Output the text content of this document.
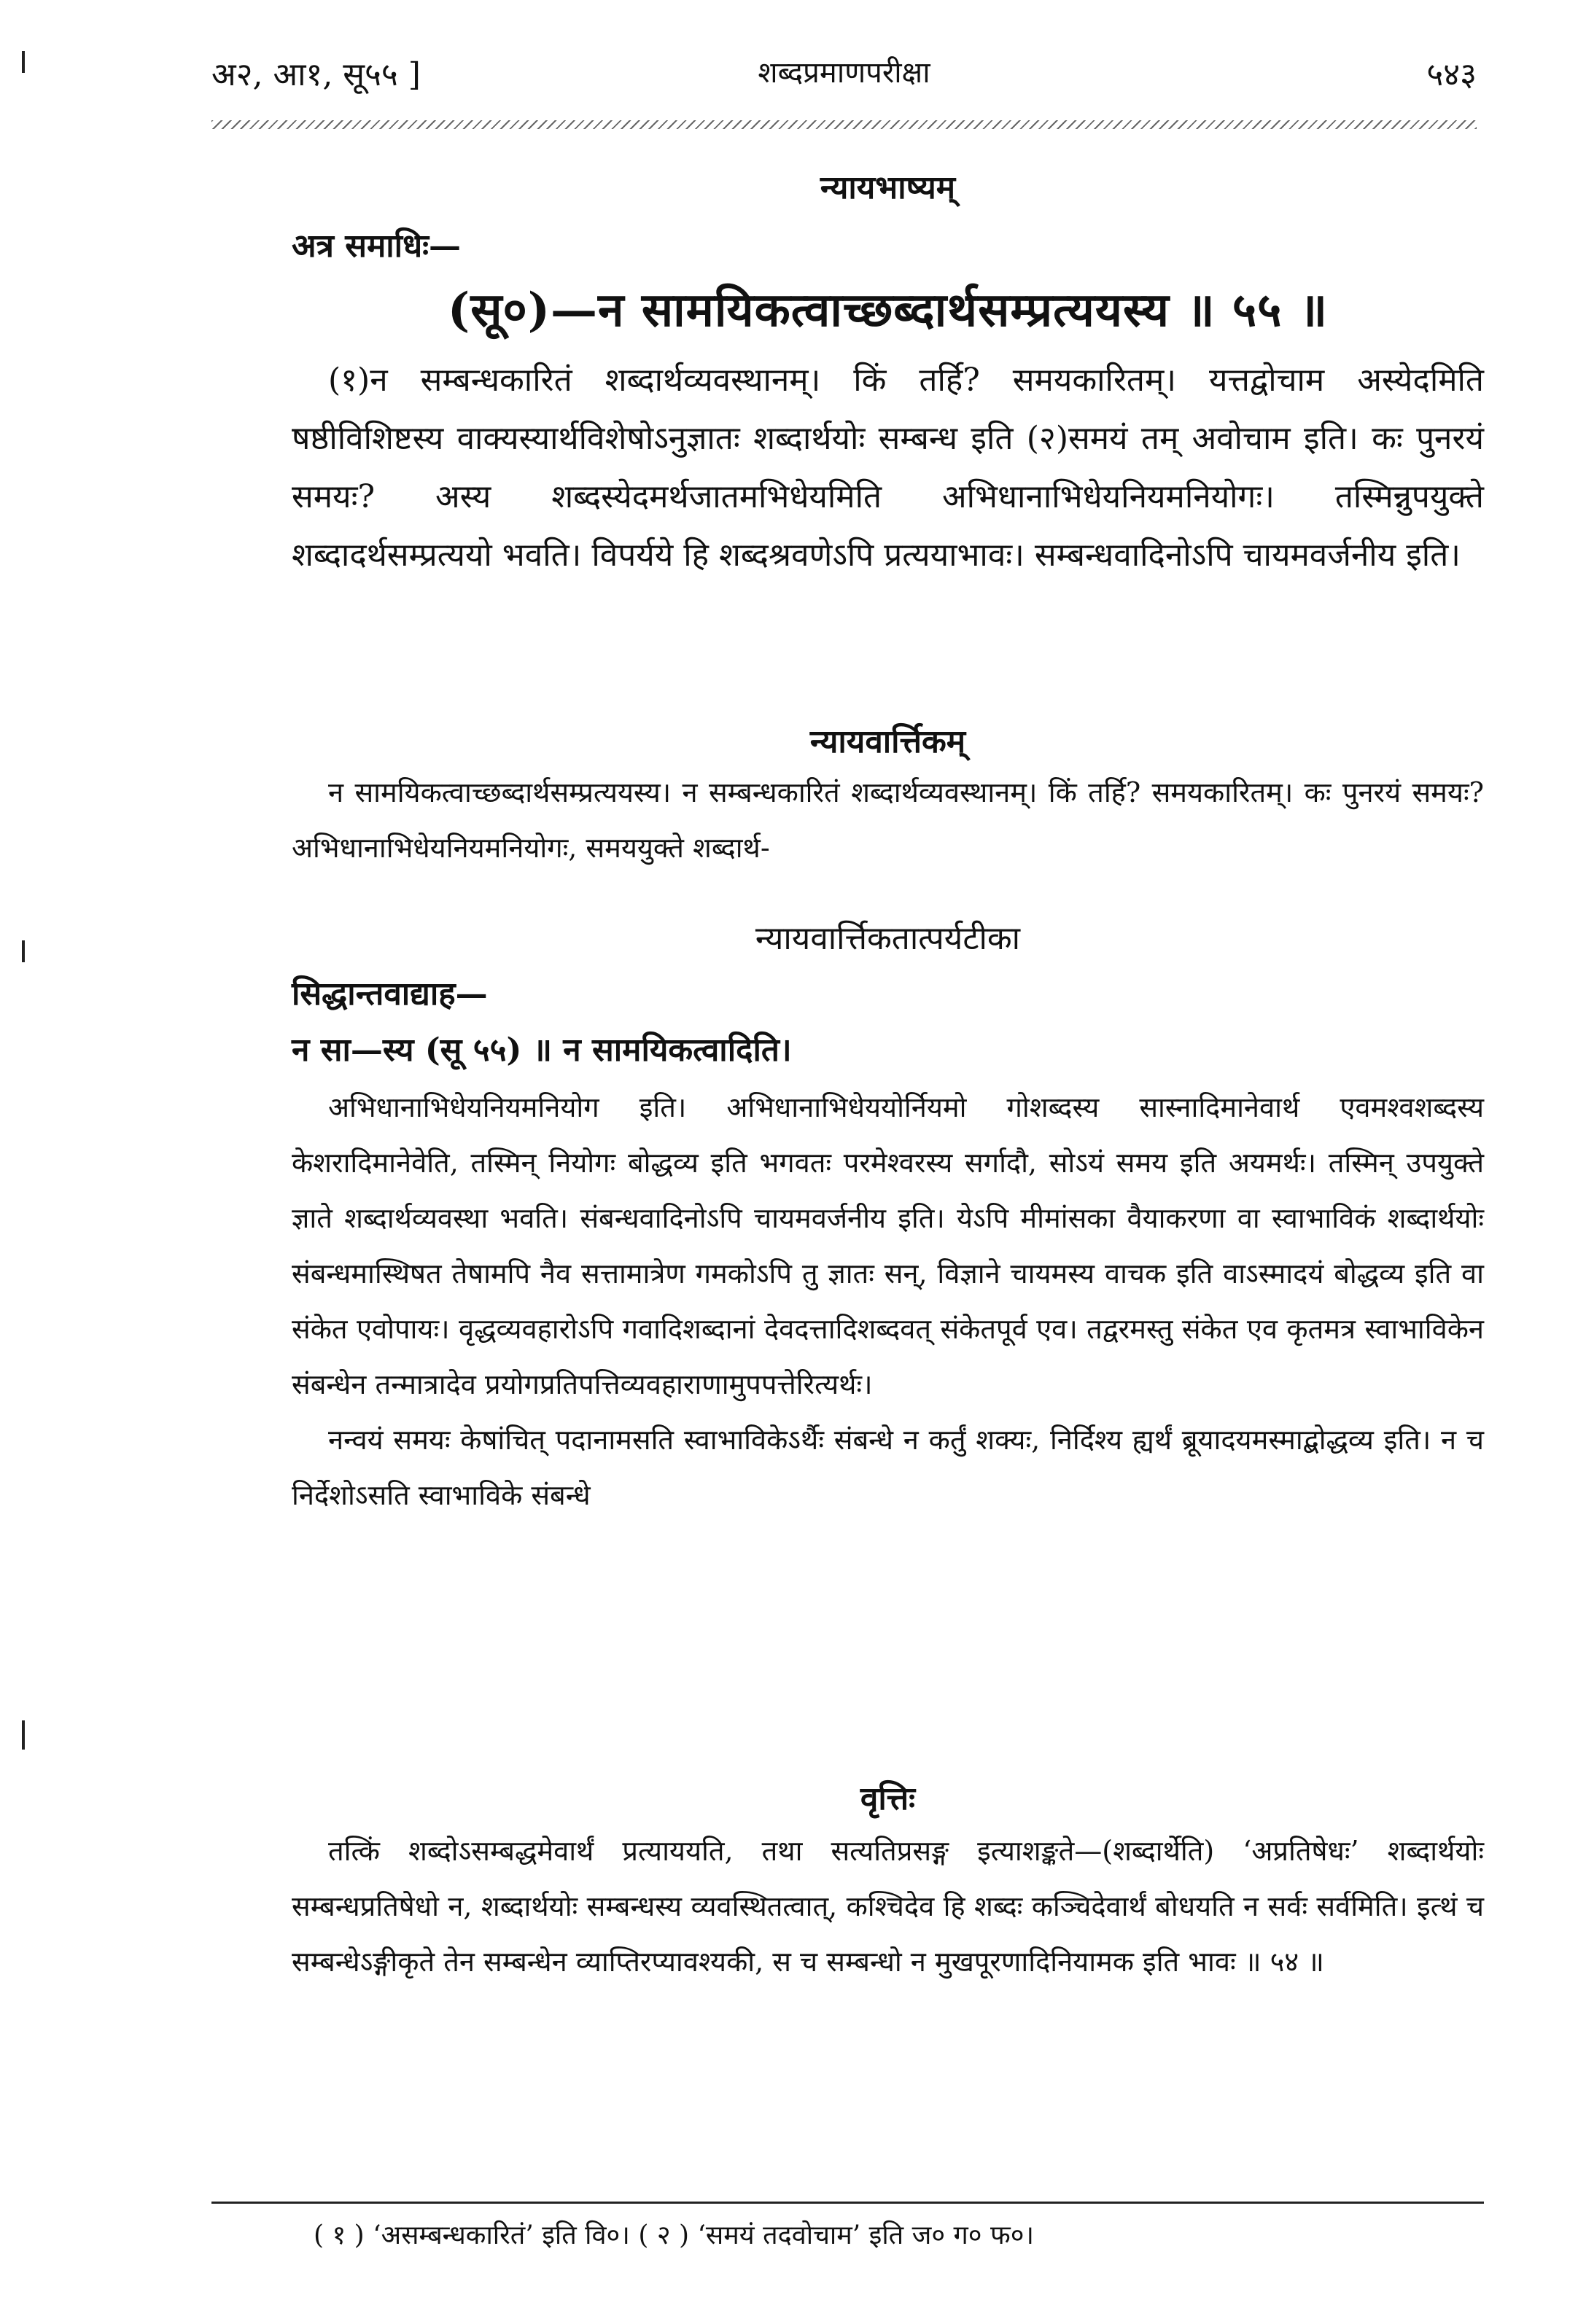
अ२, आ१, सू५५ ]	शब्दप्रमाणपरीक्षा	५४३
न्यायभाष्यम्
अत्र समाधिः—
(सू०)—न सामयिकत्वाच्छब्दार्थसम्प्रत्ययस्य ॥ ५५ ॥
(१)न सम्बन्धकारितं शब्दार्थव्यवस्थानम्। किं तर्हि? समयकारितम्। यत्तद्वोचाम अस्येदमिति षष्ठीविशिष्टस्य वाक्यस्यार्थविशेषोऽनुज्ञातः शब्दार्थयोः सम्बन्ध इति (२)समयं तम् अवोचाम इति। कः पुनरयं समयः? अस्य शब्दस्येदमर्थजातमभिधेयमिति अभिधानाभिधेयनियमनियोगः। तस्मिन्नुपयुक्ते शब्दादर्थसम्प्रत्ययो भवति। विपर्यये हि शब्दश्रवणेऽपि प्रत्ययाभावः। सम्बन्धवादिनोऽपि चायमवर्जनीय इति।
न्यायवार्त्तिकम्
न सामयिकत्वाच्छब्दार्थसम्प्रत्ययस्य। न सम्बन्धकारितं शब्दार्थव्यवस्थानम्। किं तर्हि? समयकारितम्। कः पुनरयं समयः? अभिधानाभिधेयनियमनियोगः, समययुक्ते शब्दार्थ-
न्यायवार्त्तिकतात्पर्यटीका
सिद्धान्तवाद्याह—
न सा—स्य (सू ५५) ॥ न सामयिकत्वादिति।
अभिधानाभिधेयनियमनियोग इति। अभिधानाभिधेययोर्नियमो गोशब्दस्य सास्नादिमानेवार्थ एवमश्वशब्दस्य केशरादिमानेवेति, तस्मिन् नियोगः बोद्धव्य इति भगवतः परमेश्वरस्य सर्गादौ, सोऽयं समय इति अयमर्थः। तस्मिन् उपयुक्ते ज्ञाते शब्दार्थव्यवस्था भवति। संबन्धवादिनोऽपि चायमवर्जनीय इति। येऽपि मीमांसका वैयाकरणा वा स्वाभाविकं शब्दार्थयोः संबन्धमास्थिषत तेषामपि नैव सत्तामात्रेण गमकोऽपि तु ज्ञातः सन्, विज्ञाने चायमस्य वाचक इति वाऽस्मादयं बोद्धव्य इति वा संकेत एवोपायः। वृद्धव्यवहारोऽपि गवादिशब्दानां देवदत्तादिशब्दवत् संकेतपूर्व एव। तद्वरमस्तु संकेत एव कृतमत्र स्वाभाविकेन संबन्धेन तन्मात्रादेव प्रयोगप्रतिपत्तिव्यवहाराणामुपपत्तेरित्यर्थः।
नन्वयं समयः केषांचित् पदानामसति स्वाभाविकेऽर्थैः संबन्धे न कर्तुं शक्यः, निर्दिश्य ह्यर्थं ब्रूयादयमस्माद्बोद्धव्य इति। न च निर्देशोऽसति स्वाभाविके संबन्धे
वृत्तिः
तत्किं शब्दोऽसम्बद्धमेवार्थं प्रत्याययति, तथा सत्यतिप्रसङ्ग इत्याशङ्कते—(शब्दार्थेति) ‘अप्रतिषेधः’ शब्दार्थयोः सम्बन्धप्रतिषेधो न, शब्दार्थयोः सम्बन्धस्य व्यवस्थितत्वात्, कश्चिदेव हि शब्दः कञ्चिदेवार्थं बोधयति न सर्वः सर्वमिति। इत्थं च सम्बन्धेऽङ्गीकृते तेन सम्बन्धेन व्याप्तिरप्यावश्यकी, स च सम्बन्धो न मुखपूरणादिनियामक इति भावः ॥ ५४ ॥
( १ ) ‘असम्बन्धकारितं’ इति वि०। ( २ ) ‘समयं तदवोचाम’ इति ज० ग० फ०।
